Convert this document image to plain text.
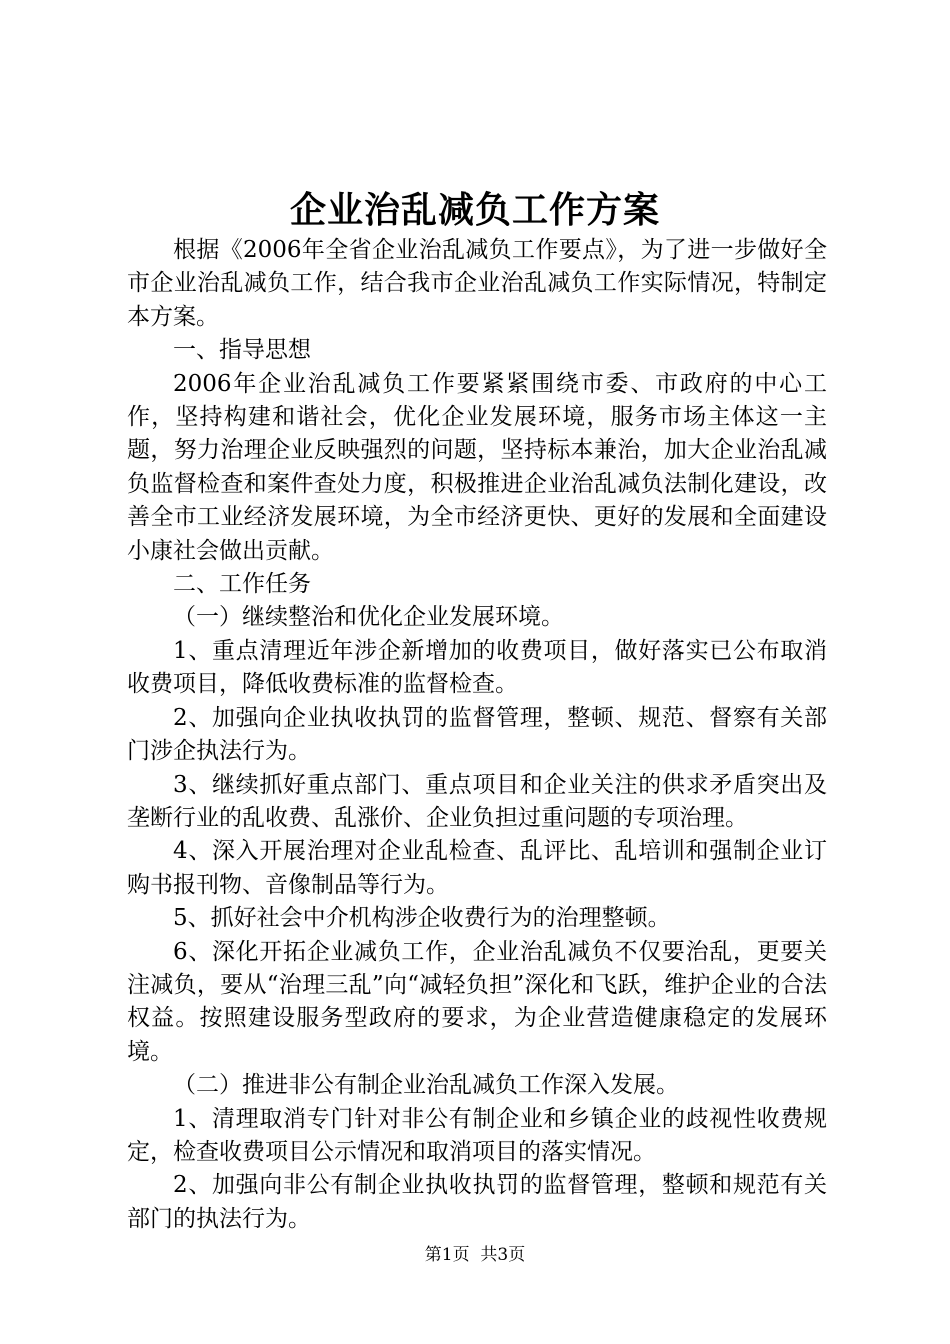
企业治乱减负工作方案

根据《2006年全省企业治乱减负工作要点》，为了进一步做好全市企业治乱减负工作，结合我市企业治乱减负工作实际情况，特制定本方案。

一、指导思想

2006年企业治乱减负工作要紧紧围绕市委、市政府的中心工作，坚持构建和谐社会，优化企业发展环境，服务市场主体这一主题，努力治理企业反映强烈的问题，坚持标本兼治，加大企业治乱减负监督检查和案件查处力度，积极推进企业治乱减负法制化建设，改善全市工业经济发展环境，为全市经济更快、更好的发展和全面建设小康社会做出贡献。

二、工作任务

（一）继续整治和优化企业发展环境。

1、重点清理近年涉企新增加的收费项目，做好落实已公布取消收费项目，降低收费标准的监督检查。

2、加强向企业执收执罚的监督管理，整顿、规范、督察有关部门涉企执法行为。

3、继续抓好重点部门、重点项目和企业关注的供求矛盾突出及垄断行业的乱收费、乱涨价、企业负担过重问题的专项治理。

4、深入开展治理对企业乱检查、乱评比、乱培训和强制企业订购书报刊物、音像制品等行为。

5、抓好社会中介机构涉企收费行为的治理整顿。

6、深化开拓企业减负工作，企业治乱减负不仅要治乱，更要关注减负，要从“治理三乱”向“减轻负担”深化和飞跃，维护企业的合法权益。按照建设服务型政府的要求，为企业营造健康稳定的发展环境。

（二）推进非公有制企业治乱减负工作深入发展。

1、清理取消专门针对非公有制企业和乡镇企业的歧视性收费规定，检查收费项目公示情况和取消项目的落实情况。

2、加强向非公有制企业执收执罚的监督管理，整顿和规范有关部门的执法行为。

第1页 共3页
